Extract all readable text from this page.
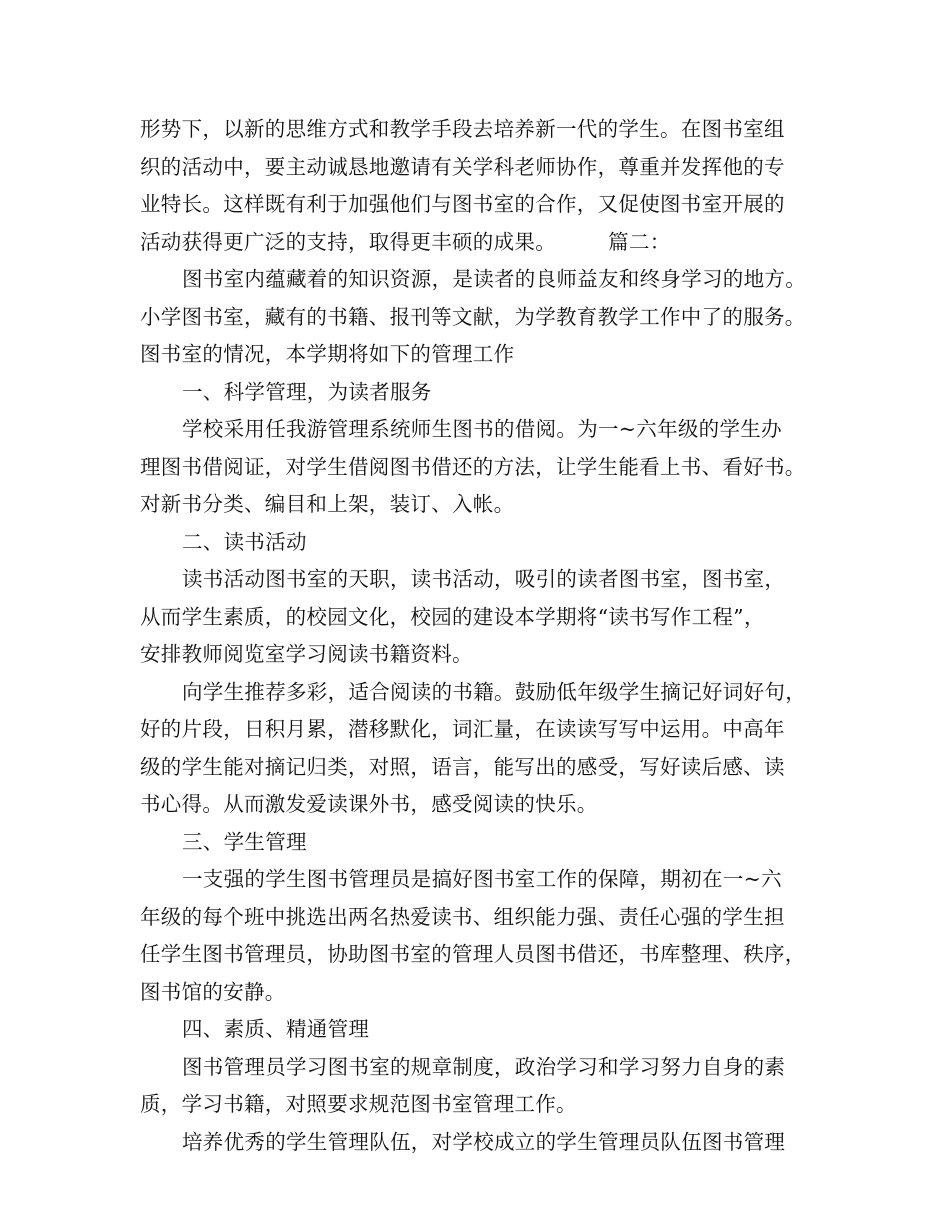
形势下，以新的思维方式和教学手段去培养新一代的学生。在图书室组
织的活动中，要主动诚恳地邀请有关学科老师协作，尊重并发挥他的专
业特长。这样既有利于加强他们与图书室的合作，又促使图书室开展的
活动获得更广泛的支持，取得更丰硕的成果。　　　篇二：
图书室内蕴藏着的知识资源，是读者的良师益友和终身学习的地方。
小学图书室，藏有的书籍、报刊等文献，为学教育教学工作中了的服务。
图书室的情况，本学期将如下的管理工作
一、科学管理，为读者服务
学校采用任我游管理系统师生图书的借阅。为一~六年级的学生办
理图书借阅证，对学生借阅图书借还的方法，让学生能看上书、看好书。
对新书分类、编目和上架，装订、入帐。
二、读书活动
读书活动图书室的天职，读书活动，吸引的读者图书室，图书室，
从而学生素质，的校园文化，校园的建设本学期将“读书写作工程”，
安排教师阅览室学习阅读书籍资料。
向学生推荐多彩，适合阅读的书籍。鼓励低年级学生摘记好词好句，
好的片段，日积月累，潜移默化，词汇量，在读读写写中运用。中高年
级的学生能对摘记归类，对照，语言，能写出的感受，写好读后感、读
书心得。从而激发爱读课外书，感受阅读的快乐。
三、学生管理
一支强的学生图书管理员是搞好图书室工作的保障，期初在一~六
年级的每个班中挑选出两名热爱读书、组织能力强、责任心强的学生担
任学生图书管理员，协助图书室的管理人员图书借还，书库整理、秩序，
图书馆的安静。
四、素质、精通管理
图书管理员学习图书室的规章制度，政治学习和学习努力自身的素
质，学习书籍，对照要求规范图书室管理工作。
培养优秀的学生管理队伍，对学校成立的学生管理员队伍图书管理
